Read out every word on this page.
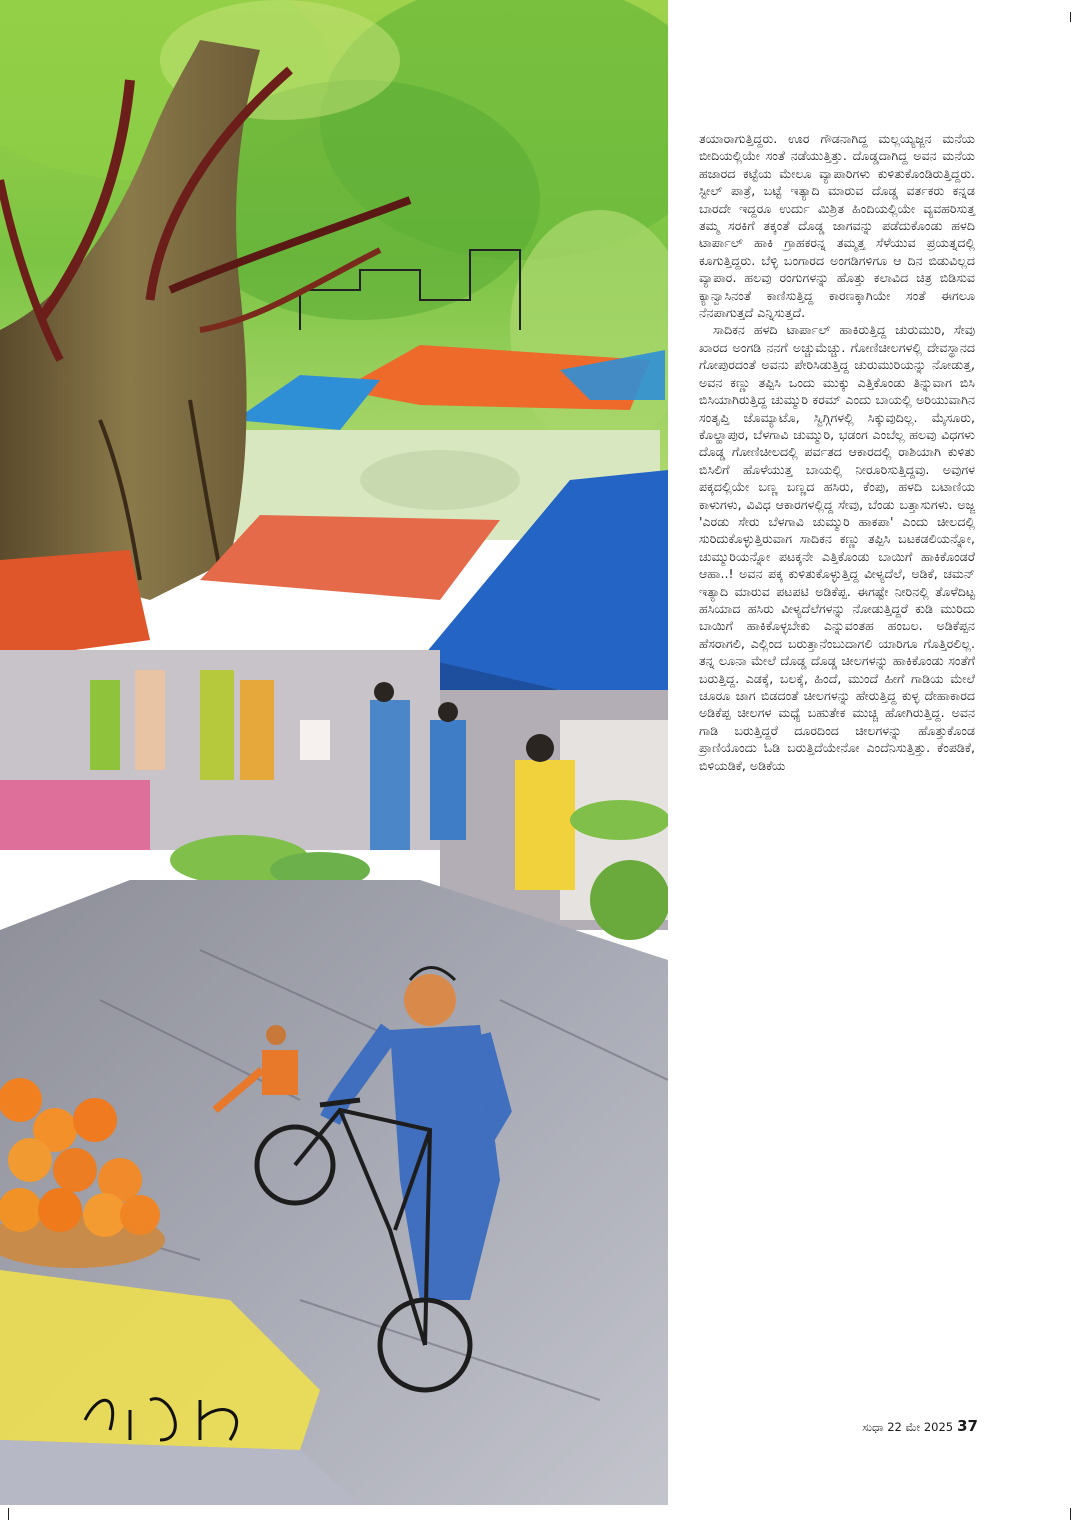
ತಯಾರಾಗುತ್ತಿದ್ದರು. ಊರ ಗೌಡನಾಗಿದ್ದ ಮಲ್ಲಯ್ಯಜ್ಜನ ಮನೆಯ ಬೀದಿಯಲ್ಲಿಯೇ ಸಂತೆ ನಡೆಯುತ್ತಿತ್ತು. ದೊಡ್ಡದಾಗಿದ್ದ ಅವನ ಮನೆಯ ಹಜಾರದ ಕಟ್ಟೆಯ ಮೇಲೂ ವ್ಯಾಪಾರಿಗಳು ಕುಳಿತುಕೊಂಡಿರುತ್ತಿದ್ದರು. ಸ್ಟೀಲ್ ಪಾತ್ರೆ, ಬಟ್ಟೆ ಇತ್ಯಾದಿ ಮಾರುವ ದೊಡ್ಡ ವರ್ತಕರು ಕನ್ನಡ ಬಾರದೇ ಇದ್ದರೂ ಉರ್ದು ಮಿಶ್ರಿತ ಹಿಂದಿಯಲ್ಲಿಯೇ ವ್ಯವಹರಿಸುತ್ತ ತಮ್ಮ ಸರಕಿಗೆ ತಕ್ಕಂತೆ ದೊಡ್ಡ ಜಾಗವನ್ನು ಪಡೆದುಕೊಂಡು ಹಳದಿ ಟಾರ್ಪಾಲ್ ಹಾಕಿ ಗ್ರಾಹಕರನ್ನ ತಮ್ಮತ್ತ ಸೆಳೆಯುವ ಪ್ರಯತ್ನದಲ್ಲಿ ಕೂಗುತ್ತಿದ್ದರು. ಬೆಳ್ಳಿ ಬಂಗಾರದ ಅಂಗಡಿಗಳಿಗೂ ಆ ದಿನ ಬಿಡುವಿಲ್ಲದ ವ್ಯಾಪಾರ. ಹಲವು ರಂಗುಗಳನ್ನು ಹೊತ್ತು ಕಲಾವಿದ ಚಿತ್ರ ಬಿಡಿಸುವ ಕ್ಯಾನ್ವಾಸಿನಂತೆ ಕಾಣಿಸುತ್ತಿದ್ದ ಕಾರಣಕ್ಕಾಗಿಯೇ ಸಂತೆ ಈಗಲೂ ನೆನಪಾಗುತ್ತದೆ ಎನ್ನಿಸುತ್ತದೆ.

ಸಾದಿಕನ ಹಳದಿ ಟಾರ್ಪಾಲ್ ಹಾಕಿರುತ್ತಿದ್ದ ಚುರುಮುರಿ, ಸೇವು ಖಾರದ ಅಂಗಡಿ ನನಗೆ ಅಚ್ಚುಮೆಚ್ಚು. ಗೋಣಿಚೀಲಗಳಲ್ಲಿ ದೇವಸ್ಥಾನದ ಗೋಪುರದಂತೆ ಅವನು ಪೇರಿಸಿಡುತ್ತಿದ್ದ ಚುರುಮುರಿಯನ್ನು ನೋಡುತ್ತ, ಅವನ ಕಣ್ಣು ತಪ್ಪಿಸಿ ಒಂದು ಮುಕ್ಕು ಎತ್ತಿಕೊಂಡು ತಿನ್ನುವಾಗ ಬಿಸಿ ಬಿಸಿಯಾಗಿರುತ್ತಿದ್ದ ಚುಮ್ಮುರಿ ಕರಮ್ ಎಂದು ಬಾಯಲ್ಲಿ ಅರಿಯುವಾಗಿನ ಸಂತೃಪ್ತಿ ಜೊಮ್ಯಾಟೊ, ಸ್ವಿಗ್ಗಿಗಳಲ್ಲಿ ಸಿಕ್ಕುವುದಿಲ್ಲ. ಮೈಸೂರು, ಕೊಲ್ಹಾಪುರ, ಬೆಳಗಾವಿ ಚುಮ್ಮುರಿ, ಭಡಂಗ ಎಂಬೆಲ್ಲ ಹಲವು ವಿಧಗಳು ದೊಡ್ಡ ಗೋಣಿಚೀಲದಲ್ಲಿ ಪರ್ವತದ ಆಕಾರದಲ್ಲಿ ರಾಶಿಯಾಗಿ ಕುಳಿತು ಬಿಸಿಲಿಗೆ ಹೊಳೆಯುತ್ತ ಬಾಯಲ್ಲಿ ನೀರೂರಿಸುತ್ತಿದ್ದವು. ಅವುಗಳ ಪಕ್ಕದಲ್ಲಿಯೇ ಬಣ್ಣ ಬಣ್ಣದ ಹಸಿರು, ಕೆಂಪು, ಹಳದಿ ಬಟಾಣಿಯ ಕಾಳುಗಳು, ವಿವಿಧ ಆಕಾರಗಳಲ್ಲಿದ್ದ ಸೇವು, ಬೆಂಡು ಬತ್ತಾಸುಗಳು. ಅಜ್ಜ 'ಎರಡು ಸೇರು ಬೆಳಗಾವಿ ಚುಮ್ಮುರಿ ಹಾಕಪಾ' ಎಂದು ಚೀಲದಲ್ಲಿ ಸುರಿದುಕೊಳ್ಳುತ್ತಿರುವಾಗ ಸಾದಿಕನ ಕಣ್ಣು ತಪ್ಪಿಸಿ ಬಟಕಡಲಿಯನ್ನೋ, ಚುಮ್ಮುರಿಯನ್ನೋ ಪಟಕ್ಕನೇ ಎತ್ತಿಕೊಂಡು ಬಾಯಿಗೆ ಹಾಕಿಕೊಂಡರೆ ಆಹಾ..! ಅವನ ಪಕ್ಕ ಕುಳಿತುಕೊಳ್ಳುತ್ತಿದ್ದ ವೀಳ್ಯದೆಲೆ, ಅಡಿಕೆ, ಚಮನ್ ಇತ್ಯಾದಿ ಮಾರುವ ಪಟಪಟಿ ಅಡಿಕೆಪ್ಪ. ಈಗಷ್ಟೇ ನೀರಿನಲ್ಲಿ ತೊಳೆದಿಟ್ಟ ಹಸಿಯಾದ ಹಸಿರು ವೀಳ್ಯದೆಲೆಗಳನ್ನು ನೋಡುತ್ತಿದ್ದರೆ ಕುಡಿ ಮುರಿದು ಬಾಯಿಗೆ ಹಾಕಿಕೊಳ್ಳಬೇಕು ಎನ್ನುವಂತಹ ಹಂಬಲ. ಅಡಿಕೆಪ್ಪನ ಹೆಸರಾಗಲಿ, ಎಲ್ಲಿಂದ ಬರುತ್ತಾನೆಂಬುದಾಗಲಿ ಯಾರಿಗೂ ಗೊತ್ತಿರಲಿಲ್ಲ. ತನ್ನ ಲೂನಾ ಮೇಲೆ ದೊಡ್ಡ ದೊಡ್ಡ ಚೀಲಗಳನ್ನು ಹಾಕಿಕೊಂಡು ಸಂತೆಗೆ ಬರುತ್ತಿದ್ದ. ಎಡಕ್ಕೆ, ಬಲಕ್ಕೆ, ಹಿಂದೆ, ಮುಂದೆ ಹೀಗೆ ಗಾಡಿಯ ಮೇಲೆ ಚೂರೂ ಜಾಗ ಬಿಡದಂತೆ ಚೀಲಗಳನ್ನು ಹೇರುತ್ತಿದ್ದ ಕುಳ್ಳ ದೇಹಾಕಾರದ ಅಡಿಕೆಪ್ಪ ಚೀಲಗಳ ಮಧ್ಯೆ ಬಹುತೇಕ ಮುಚ್ಚಿ ಹೋಗಿರುತ್ತಿದ್ದ. ಅವನ ಗಾಡಿ ಬರುತ್ತಿದ್ದರೆ ದೂರದಿಂದ ಚೀಲಗಳನ್ನು ಹೊತ್ತುಕೊಂಡ ಪ್ರಾಣಿಯೊಂದು ಓಡಿ ಬರುತ್ತಿದೆಯೇನೋ ಎಂದೆನಿಸುತ್ತಿತ್ತು. ಕೆಂಪಡಿಕೆ, ಬಿಳಿಯಡಿಕೆ, ಅಡಿಕೆಯ

ಸುಧಾ 22 ಮೇ 2025 37
